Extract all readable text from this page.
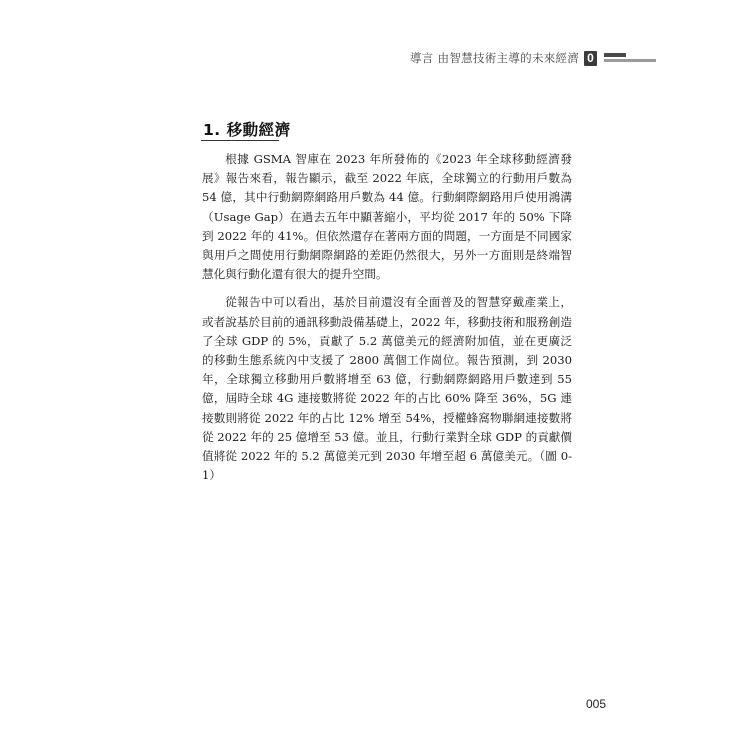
導言 由智慧技術主導的未來經濟 0
1. 移動經濟

根據 GSMA 智庫在 2023 年所發佈的《2023 年全球移動經濟發展》報告來看，報告顯示，截至 2022 年底，全球獨立的行動用戶數為 54 億，其中行動網際網路用戶數為 44 億。行動網際網路用戶使用鴻溝（Usage Gap）在過去五年中顯著縮小，平均從 2017 年的 50% 下降到 2022 年的 41%。但依然還存在著兩方面的問題，一方面是不同國家與用戶之間使用行動網際網路的差距仍然很大，另外一方面則是終端智慧化與行動化還有很大的提升空間。

從報告中可以看出，基於目前還沒有全面普及的智慧穿戴產業上，或者說基於目前的通訊移動設備基礎上，2022 年，移動技術和服務創造了全球 GDP 的 5%，貢獻了 5.2 萬億美元的經濟附加值，並在更廣泛的移動生態系統內中支援了 2800 萬個工作崗位。報告預測，到 2030 年，全球獨立移動用戶數將增至 63 億，行動網際網路用戶數達到 55 億，屆時全球 4G 連接數將從 2022 年的占比 60% 降至 36%，5G 連接數則將從 2022 年的占比 12% 增至 54%，授權蜂窩物聯網連接數將從 2022 年的 25 億增至 53 億。並且，行動行業對全球 GDP 的貢獻價值將從 2022 年的 5.2 萬億美元到 2030 年增至超 6 萬億美元。（圖 0-1）

005
